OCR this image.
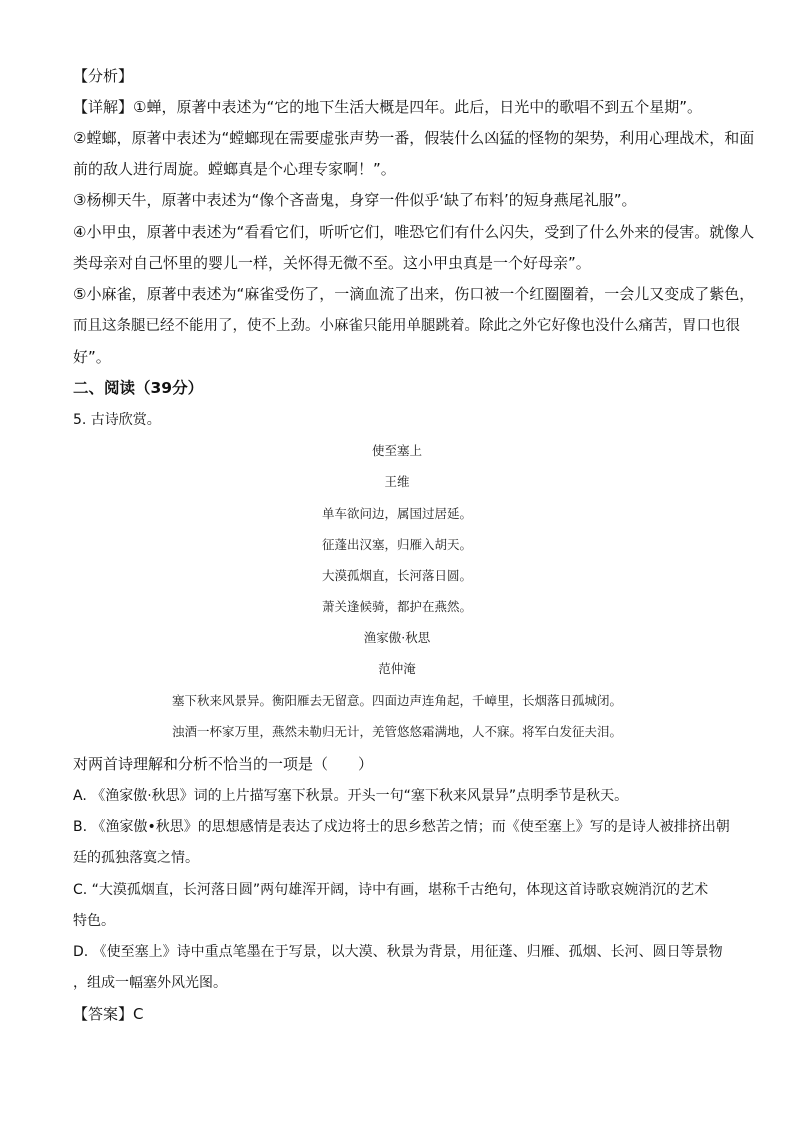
【分析】
【详解】①蝉，原著中表述为“它的地下生活大概是四年。此后，日光中的歌唱不到五个星期”。
②螳螂，原著中表述为“螳螂现在需要虚张声势一番，假装什么凶猛的怪物的架势，利用心理战术，和面
前的敌人进行周旋。螳螂真是个心理专家啊！”。
③杨柳天牛，原著中表述为“像个吝啬鬼，身穿一件似乎‘缺了布料’的短身燕尾礼服”。
④小甲虫，原著中表述为“看看它们，听听它们，唯恐它们有什么闪失，受到了什么外来的侵害。就像人
类母亲对自己怀里的婴儿一样，关怀得无微不至。这小甲虫真是一个好母亲”。
⑤小麻雀，原著中表述为“麻雀受伤了，一滴血流了出来，伤口被一个红圈圈着，一会儿又变成了紫色，
而且这条腿已经不能用了，使不上劲。小麻雀只能用单腿跳着。除此之外它好像也没什么痛苦，胃口也很
好”。
二、阅读（39分）
5. 古诗欣赏。
使至塞上
王维
单车欲问边，属国过居延。
征蓬出汉塞，归雁入胡天。
大漠孤烟直，长河落日圆。
萧关逢候骑，都护在燕然。
渔家傲·秋思
范仲淹
塞下秋来风景异。衡阳雁去无留意。四面边声连角起，千嶂里，长烟落日孤城闭。
浊酒一杯家万里，燕然未勒归无计，羌管悠悠霜满地，人不寐。将军白发征夫泪。
对两首诗理解和分析不恰当的一项是（　　）
A. 《渔家傲·秋思》词的上片描写塞下秋景。开头一句“塞下秋来风景异”点明季节是秋天。
B. 《渔家傲•秋思》的思想感情是表达了戍边将士的思乡愁苦之情；而《使至塞上》写的是诗人被排挤出朝
廷的孤独落寞之情。
C. “大漠孤烟直，长河落日圆”两句雄浑开阔，诗中有画，堪称千古绝句，体现这首诗歌哀婉消沉的艺术
特色。
D. 《使至塞上》诗中重点笔墨在于写景，以大漠、秋景为背景，用征蓬、归雁、孤烟、长河、圆日等景物
，组成一幅塞外风光图。
【答案】C
